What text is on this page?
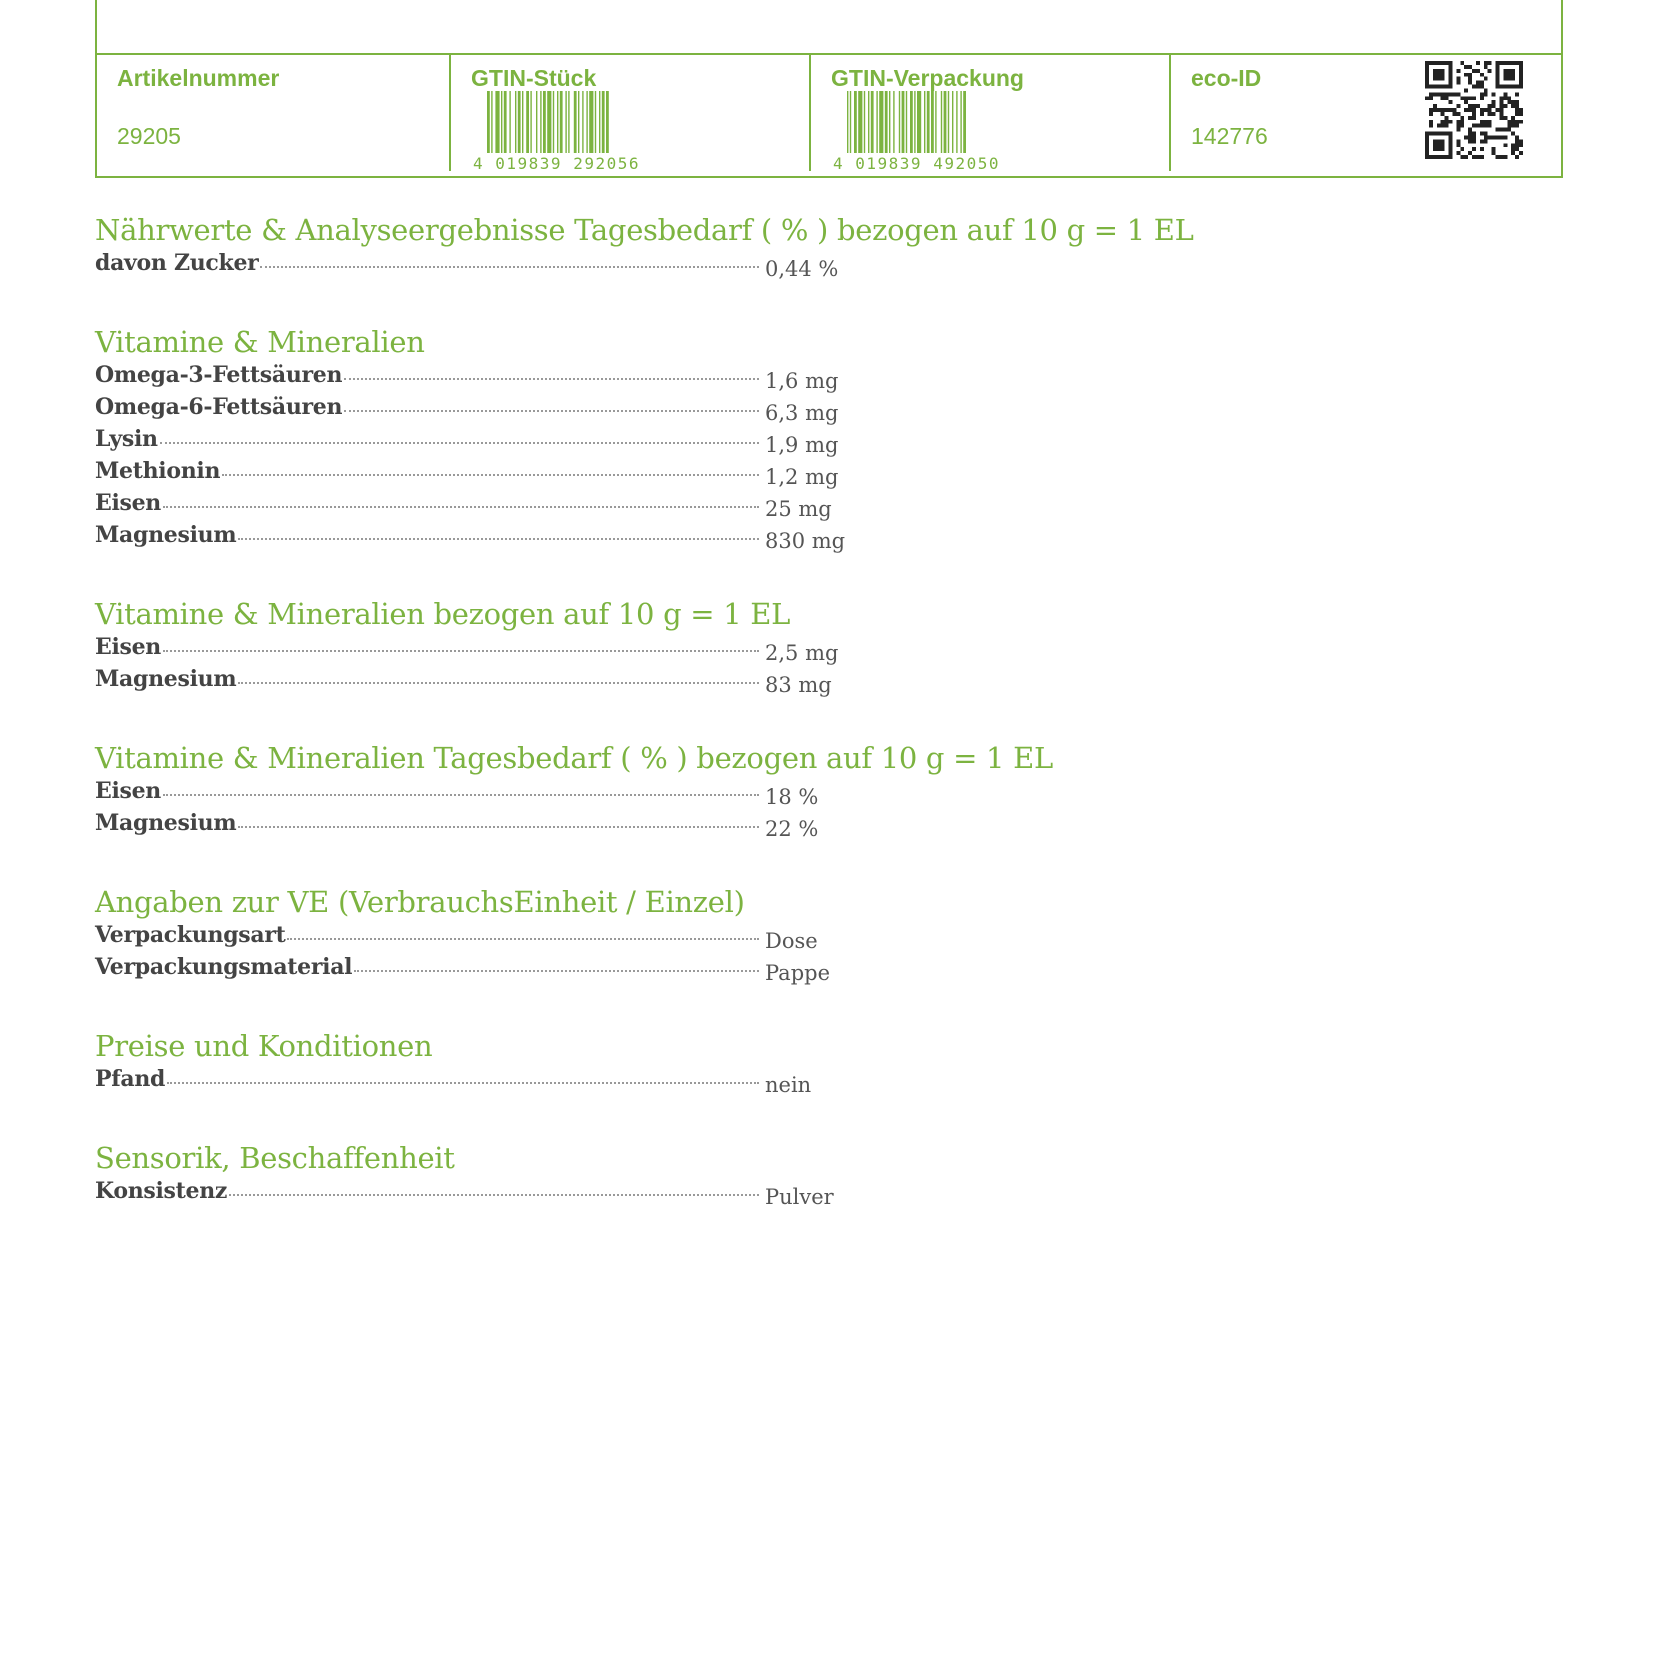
Artikelnummer
29205
GTIN-Stück
4 019839 292056
GTIN-Verpackung
4 019839 492050
eco-ID
142776
Nährwerte & Analyseergebnisse Tagesbedarf ( % ) bezogen auf 10 g = 1 EL
davon Zucker	0,44 %
Vitamine & Mineralien
Omega-3-Fettsäuren	1,6 mg
Omega-6-Fettsäuren	6,3 mg
Lysin	1,9 mg
Methionin	1,2 mg
Eisen	25 mg
Magnesium	830 mg
Vitamine & Mineralien bezogen auf 10 g = 1 EL
Eisen	2,5 mg
Magnesium	83 mg
Vitamine & Mineralien Tagesbedarf ( % ) bezogen auf 10 g = 1 EL
Eisen	18 %
Magnesium	22 %
Angaben zur VE (VerbrauchsEinheit / Einzel)
Verpackungsart	Dose
Verpackungsmaterial	Pappe
Preise und Konditionen
Pfand	nein
Sensorik, Beschaffenheit
Konsistenz	Pulver
